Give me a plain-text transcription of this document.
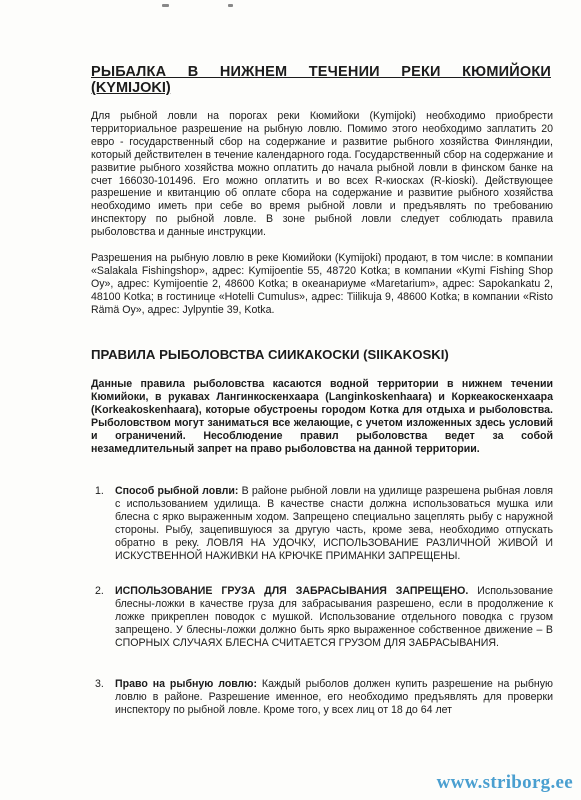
РЫБАЛКА В НИЖНЕМ ТЕЧЕНИИ РЕКИ КЮМИЙОКИ
(KYMIJOKI)
Для рыбной ловли на порогах реки Кюмийоки (Kymijoki) необходимо приобрести территориальное разрешение на рыбную ловлю. Помимо этого необходимо заплатить 20 евро - государственный сбор на содержание и развитие рыбного хозяйства Финляндии, который действителен в течение календарного года. Государственный сбор на содержание и развитие рыбного хозяйства можно оплатить до начала рыбной ловли в финском банке на счет 166030-101496. Его можно оплатить и во всех R-киосках (R-kioski). Действующее разрешение и квитанцию об оплате сбора на содержание и развитие рыбного хозяйства необходимо иметь при себе во время рыбной ловли и предъявлять по требованию инспектору по рыбной ловле. В зоне рыбной ловли следует соблюдать правила рыболовства и данные инструкции.
Разрешения на рыбную ловлю в реке Кюмийоки (Kymijoki) продают, в том числе: в компании «Salakala Fishingshop», адрес: Kymijoentie 55, 48720 Kotka; в компании «Kymi Fishing Shop Oy», адрес: Kymijoentie 2, 48600 Kotka; в океанариуме «Maretarium», адрес: Sapokankatu 2, 48100 Kotka; в гостинице «Hotelli Cumulus», адрес: Tiilikuja 9, 48600 Kotka; в компании «Risto Rämä Oy», адрес: Jylpyntie 39, Kotka.
ПРАВИЛА РЫБОЛОВСТВА СИИКАКОСКИ (SIIKAKOSKI)
Данные правила рыболовства касаются водной территории в нижнем течении Кюмийоки, в рукавах Лангинкоскенхаара (Langinkoskenhaara) и Коркеакоскенхаара (Korkeakoskenhaara), которые обустроены городом Котка для отдыха и рыболовства. Рыболовством могут заниматься все желающие, с учетом изложенных здесь условий и ограничений. Несоблюдение правил рыболовства ведет за собой незамедлительный запрет на право рыболовства на данной территории.
1. Способ рыбной ловли: В районе рыбной ловли на удилище разрешена рыбная ловля с использованием удилища. В качестве снасти должна использоваться мушка или блесна с ярко выраженным ходом. Запрещено специально зацеплять рыбу с наружной стороны. Рыбу, зацепившуюся за другую часть, кроме зева, необходимо отпускать обратно в реку. ЛОВЛЯ НА УДОЧКУ, ИСПОЛЬЗОВАНИЕ РАЗЛИЧНОЙ ЖИВОЙ И ИСКУСТВЕННОЙ НАЖИВКИ НА КРЮЧКЕ ПРИМАНКИ ЗАПРЕЩЕНЫ.
2. ИСПОЛЬЗОВАНИЕ ГРУЗА ДЛЯ ЗАБРАСЫВАНИЯ ЗАПРЕЩЕНО. Использование блесны-ложки в качестве груза для забрасывания разрешено, если в продолжение к ложке прикреплен поводок с мушкой. Использование отдельного поводка с грузом запрещено. У блесны-ложки должно быть ярко выраженное собственное движение – В СПОРНЫХ СЛУЧАЯХ БЛЕСНА СЧИТАЕТСЯ ГРУЗОМ ДЛЯ ЗАБРАСЫВАНИЯ.
3. Право на рыбную ловлю: Каждый рыболов должен купить разрешение на рыбную ловлю в районе. Разрешение именное, его необходимо предъявлять для проверки инспектору по рыбной ловле. Кроме того, у всех лиц от 18 до 64 лет
www.striborg.ee
